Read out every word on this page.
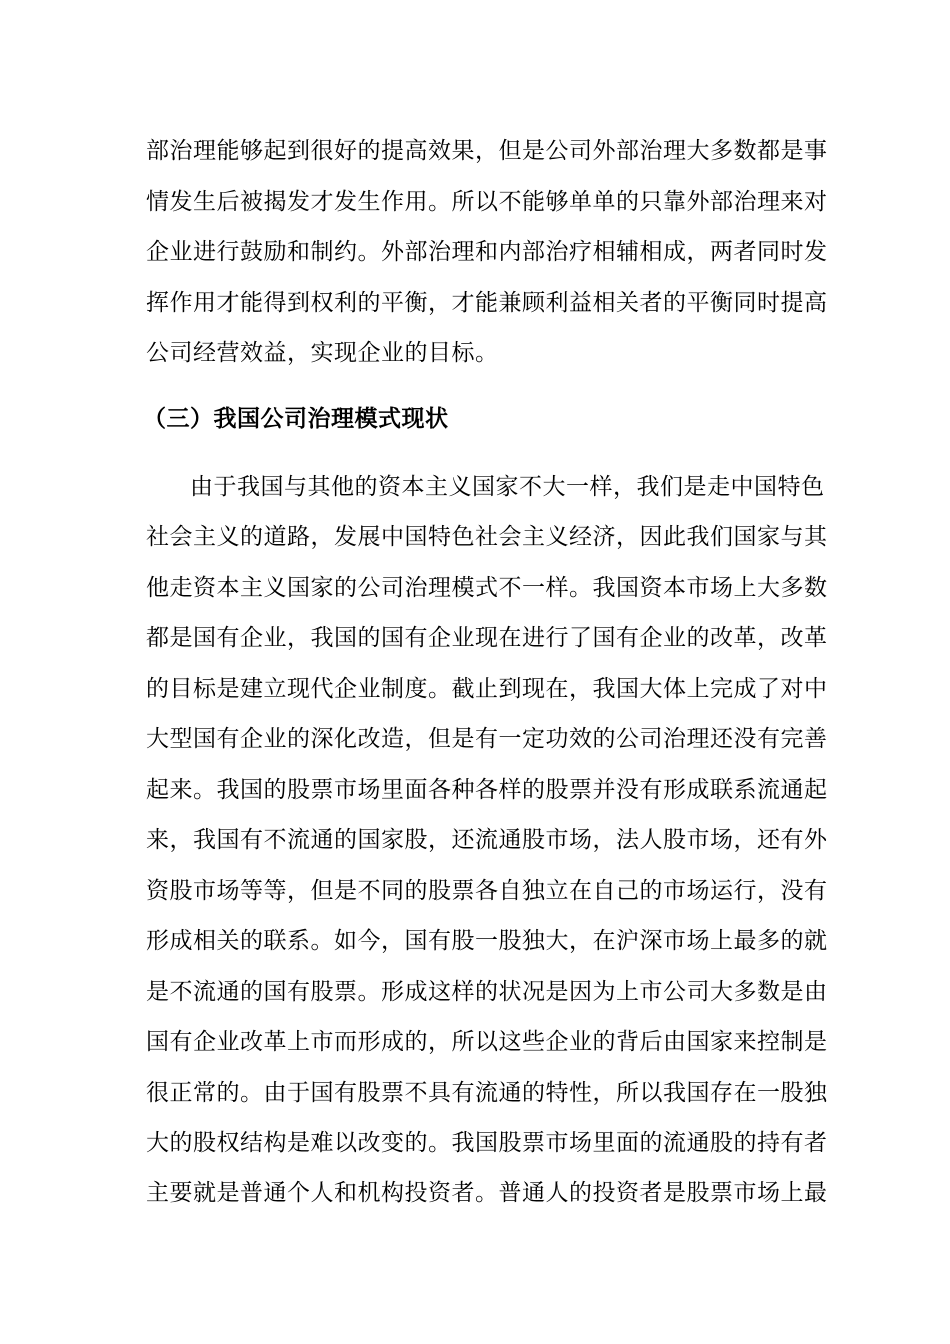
部治理能够起到很好的提高效果，但是公司外部治理大多数都是事
情发生后被揭发才发生作用。所以不能够单单的只靠外部治理来对
企业进行鼓励和制约。外部治理和内部治疗相辅相成，两者同时发
挥作用才能得到权利的平衡，才能兼顾利益相关者的平衡同时提高
公司经营效益，实现企业的目标。
（三）我国公司治理模式现状
由于我国与其他的资本主义国家不大一样，我们是走中国特色
社会主义的道路，发展中国特色社会主义经济，因此我们国家与其
他走资本主义国家的公司治理模式不一样。我国资本市场上大多数
都是国有企业，我国的国有企业现在进行了国有企业的改革，改革
的目标是建立现代企业制度。截止到现在，我国大体上完成了对中
大型国有企业的深化改造，但是有一定功效的公司治理还没有完善
起来。我国的股票市场里面各种各样的股票并没有形成联系流通起
来，我国有不流通的国家股，还流通股市场，法人股市场，还有外
资股市场等等，但是不同的股票各自独立在自己的市场运行，没有
形成相关的联系。如今，国有股一股独大，在沪深市场上最多的就
是不流通的国有股票。形成这样的状况是因为上市公司大多数是由
国有企业改革上市而形成的，所以这些企业的背后由国家来控制是
很正常的。由于国有股票不具有流通的特性，所以我国存在一股独
大的股权结构是难以改变的。我国股票市场里面的流通股的持有者
主要就是普通个人和机构投资者。普通人的投资者是股票市场上最
